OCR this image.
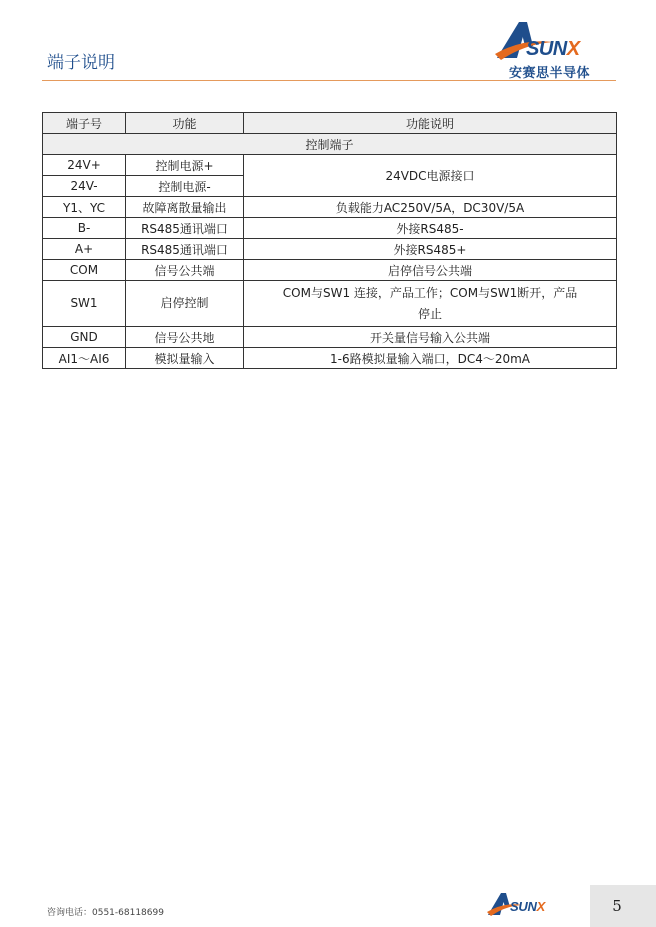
端子说明
SUNX
安赛思半导体
端子号	功能	功能说明
控制端子		
24V+	控制电源+	24VDC电源接口
24V-	控制电源-	
Y1、YC	故障离散量输出	负载能力AC250V/5A，DC30V/5A
B-	RS485通讯端口	外接RS485-
A+	RS485通讯端口	外接RS485+
COM	信号公共端	启停信号公共端
SW1	启停控制	COM与SW1 连接，产品工作；COM与SW1断开，产品
停止

GND	信号公共地	开关量信号输入公共端
AI1～AI6	模拟量输入	1-6路模拟量输入端口，DC4～20mA
咨询电话：0551-68118699	SUNX	5
